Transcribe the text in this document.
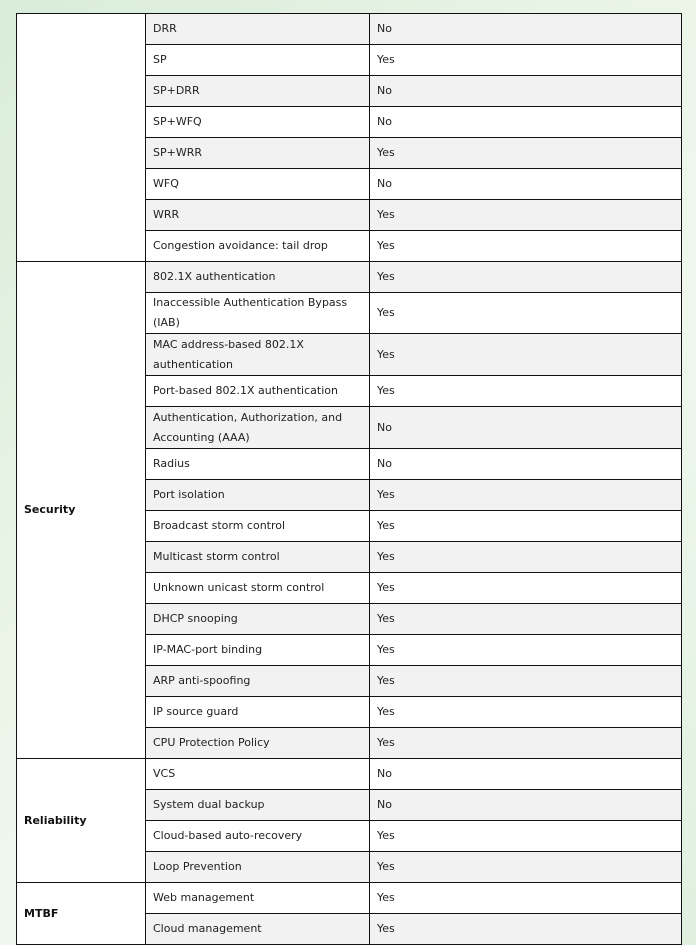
	DRR	No
	SP	Yes
	SP+DRR	No
	SP+WFQ	No
	SP+WRR	Yes
	WFQ	No
	WRR	Yes
	Congestion avoidance: tail drop	Yes
Security	802.1X authentication	Yes
	Inaccessible Authentication Bypass (IAB)	Yes
	MAC address-based 802.1X authentication	Yes
	Port-based 802.1X authentication	Yes
	Authentication, Authorization, and Accounting (AAA)	No
	Radius	No
	Port isolation	Yes
	Broadcast storm control	Yes
	Multicast storm control	Yes
	Unknown unicast storm control	Yes
	DHCP snooping	Yes
	IP-MAC-port binding	Yes
	ARP anti-spoofing	Yes
	IP source guard	Yes
	CPU Protection Policy	Yes
Reliability	VCS	No
	System dual backup	No
	Cloud-based auto-recovery	Yes
	Loop Prevention	Yes
MTBF	Web management	Yes
	Cloud management	Yes
